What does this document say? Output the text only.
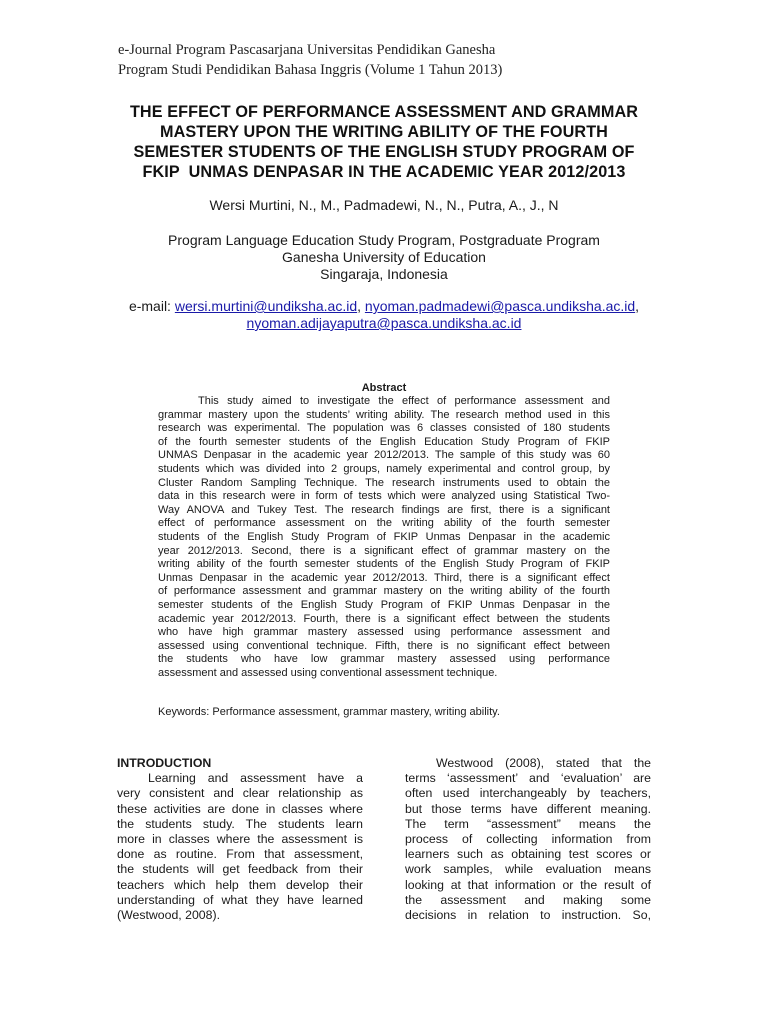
e-Journal Program Pascasarjana Universitas Pendidikan Ganesha
Program Studi Pendidikan Bahasa Inggris (Volume 1 Tahun 2013)
THE EFFECT OF PERFORMANCE ASSESSMENT AND GRAMMAR
MASTERY UPON THE WRITING ABILITY OF THE FOURTH
SEMESTER STUDENTS OF THE ENGLISH STUDY PROGRAM OF
FKIP  UNMAS DENPASAR IN THE ACADEMIC YEAR 2012/2013
Wersi Murtini, N., M., Padmadewi, N., N., Putra, A., J., N
Program Language Education Study Program, Postgraduate Program
Ganesha University of Education
Singaraja, Indonesia
e-mail: wersi.murtini@undiksha.ac.id, nyoman.padmadewi@pasca.undiksha.ac.id,
nyoman.adijayaputra@pasca.undiksha.ac.id
Abstract
This study aimed to investigate the effect of performance assessment and
grammar mastery upon the students’ writing ability. The research method used in this
research was experimental. The population was 6 classes consisted of 180 students
of the fourth semester students of the English Education Study Program of FKIP
UNMAS Denpasar in the academic year 2012/2013. The sample of this study was 60
students which was divided into 2 groups, namely experimental and control group, by
Cluster Random Sampling Technique. The research instruments used to obtain the
data in this research were in form of tests which were analyzed using Statistical Two-
Way ANOVA and Tukey Test. The research findings are first, there is a significant
effect of performance assessment on the writing ability of the fourth semester
students of the English Study Program of FKIP Unmas Denpasar in the academic
year 2012/2013. Second, there is a significant effect of grammar mastery on the
writing ability of the fourth semester students of the English Study Program of FKIP
Unmas Denpasar in the academic year 2012/2013. Third, there is a significant effect
of performance assessment and grammar mastery on the writing ability of the fourth
semester students of the English Study Program of FKIP Unmas Denpasar in the
academic year 2012/2013. Fourth, there is a significant effect between the students
who have high grammar mastery assessed using performance assessment and
assessed using conventional technique. Fifth, there is no significant effect between
the students who have low grammar mastery assessed using performance
assessment and assessed using conventional assessment technique.
Keywords: Performance assessment, grammar mastery, writing ability.
INTRODUCTION
Learning and assessment have a
very consistent and clear relationship as
these activities are done in classes where
the students study. The students learn
more in classes where the assessment is
done as routine. From that assessment,
the students will get feedback from their
teachers which help them develop their
understanding of what they have learned
(Westwood, 2008).
Westwood (2008), stated that the
terms ‘assessment’ and ‘evaluation’ are
often used interchangeably by teachers,
but those terms have different meaning.
The term “assessment” means the
process of collecting information from
learners such as obtaining test scores or
work samples, while evaluation means
looking at that information or the result of
the assessment and making some
decisions in relation to instruction. So,
